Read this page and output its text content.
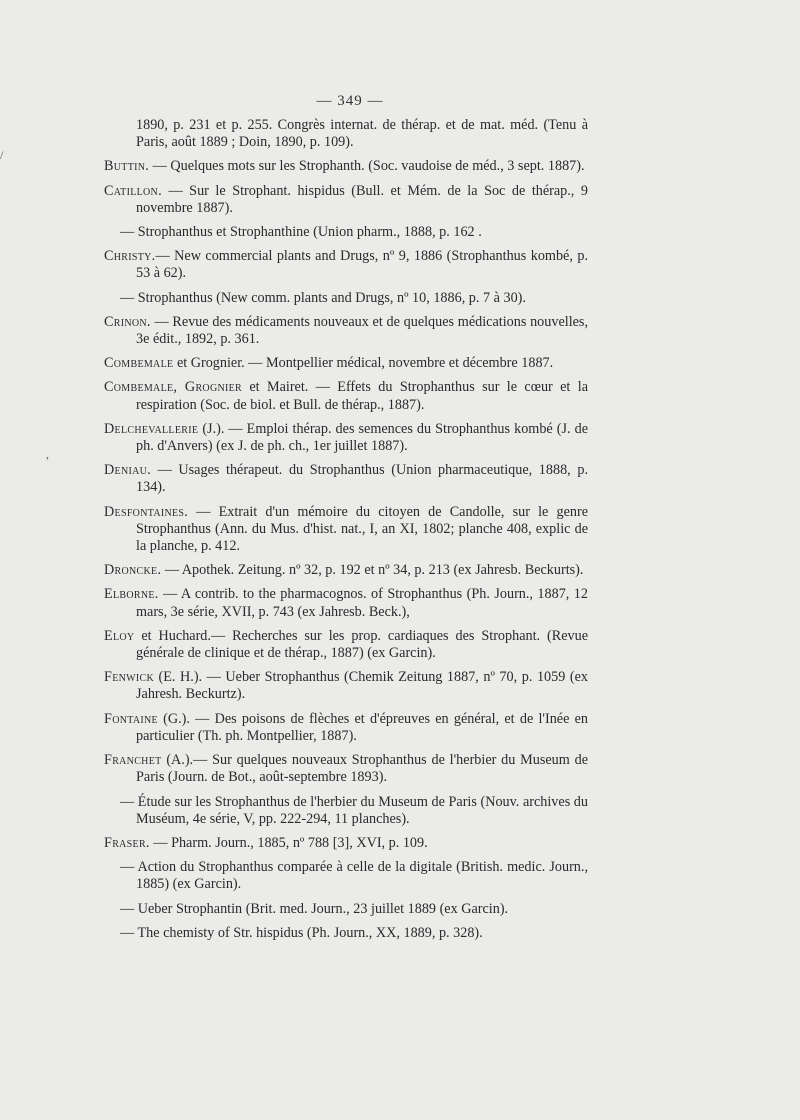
— 349 —

1890, p. 231 et p. 255. Congrès internat. de thérap. et de mat. méd. (Tenu à Paris, août 1889 ; Doin, 1890, p. 109).

Buttin. — Quelques mots sur les Strophanth. (Soc. vaudoise de méd., 3 sept. 1887).

Catillon. — Sur le Strophant. hispidus (Bull. et Mém. de la Soc de thérap., 9 novembre 1887).

— Strophanthus et Strophanthine (Union pharm., 1888, p. 162 .

Christy.— New commercial plants and Drugs, nº 9, 1886 (Strophanthus kombé, p. 53 à 62).

— Strophanthus (New comm. plants and Drugs, nº 10, 1886, p. 7 à 30).

Crinon. — Revue des médicaments nouveaux et de quelques médications nouvelles, 3e édit., 1892, p. 361.

Combemale et Grognier. — Montpellier médical, novembre et décembre 1887.

Combemale, Grognier et Mairet. — Effets du Strophanthus sur le cœur et la respiration (Soc. de biol. et Bull. de thérap., 1887).

Delchevallerie (J.). — Emploi thérap. des semences du Strophanthus kombé (J. de ph. d'Anvers) (ex J. de ph. ch., 1er juillet 1887).

Deniau. — Usages thérapeut. du Strophanthus (Union pharmaceutique, 1888, p. 134).

Desfontaines. — Extrait d'un mémoire du citoyen de Candolle, sur le genre Strophanthus (Ann. du Mus. d'hist. nat., I, an XI, 1802; planche 408, explic de la planche, p. 412.

Droncke. — Apothek. Zeitung. nº 32, p. 192 et nº 34, p. 213 (ex Jahresb. Beckurts).

Elborne. — A contrib. to the pharmacognos. of Strophanthus (Ph. Journ., 1887, 12 mars, 3e série, XVII, p. 743 (ex Jahresb. Beck.),

Eloy et Huchard.— Recherches sur les prop. cardiaques des Strophant. (Revue générale de clinique et de thérap., 1887) (ex Garcin).

Fenwick (E. H.). — Ueber Strophanthus (Chemik Zeitung 1887, nº 70, p. 1059 (ex Jahresh. Beckurtz).

Fontaine (G.). — Des poisons de flèches et d'épreuves en général, et de l'Inée en particulier (Th. ph. Montpellier, 1887).

Franchet (A.).— Sur quelques nouveaux Strophanthus de l'herbier du Museum de Paris (Journ. de Bot., août-septembre 1893).

— Étude sur les Strophanthus de l'herbier du Museum de Paris (Nouv. archives du Muséum, 4e série, V, pp. 222-294, 11 planches).

Fraser. — Pharm. Journ., 1885, nº 788 [3], XVI, p. 109.

— Action du Strophanthus comparée à celle de la digitale (British. medic. Journ., 1885) (ex Garcin).

— Ueber Strophantin (Brit. med. Journ., 23 juillet 1889 (ex Garcin).

— The chemisty of Str. hispidus (Ph. Journ., XX, 1889, p. 328).

/
,
